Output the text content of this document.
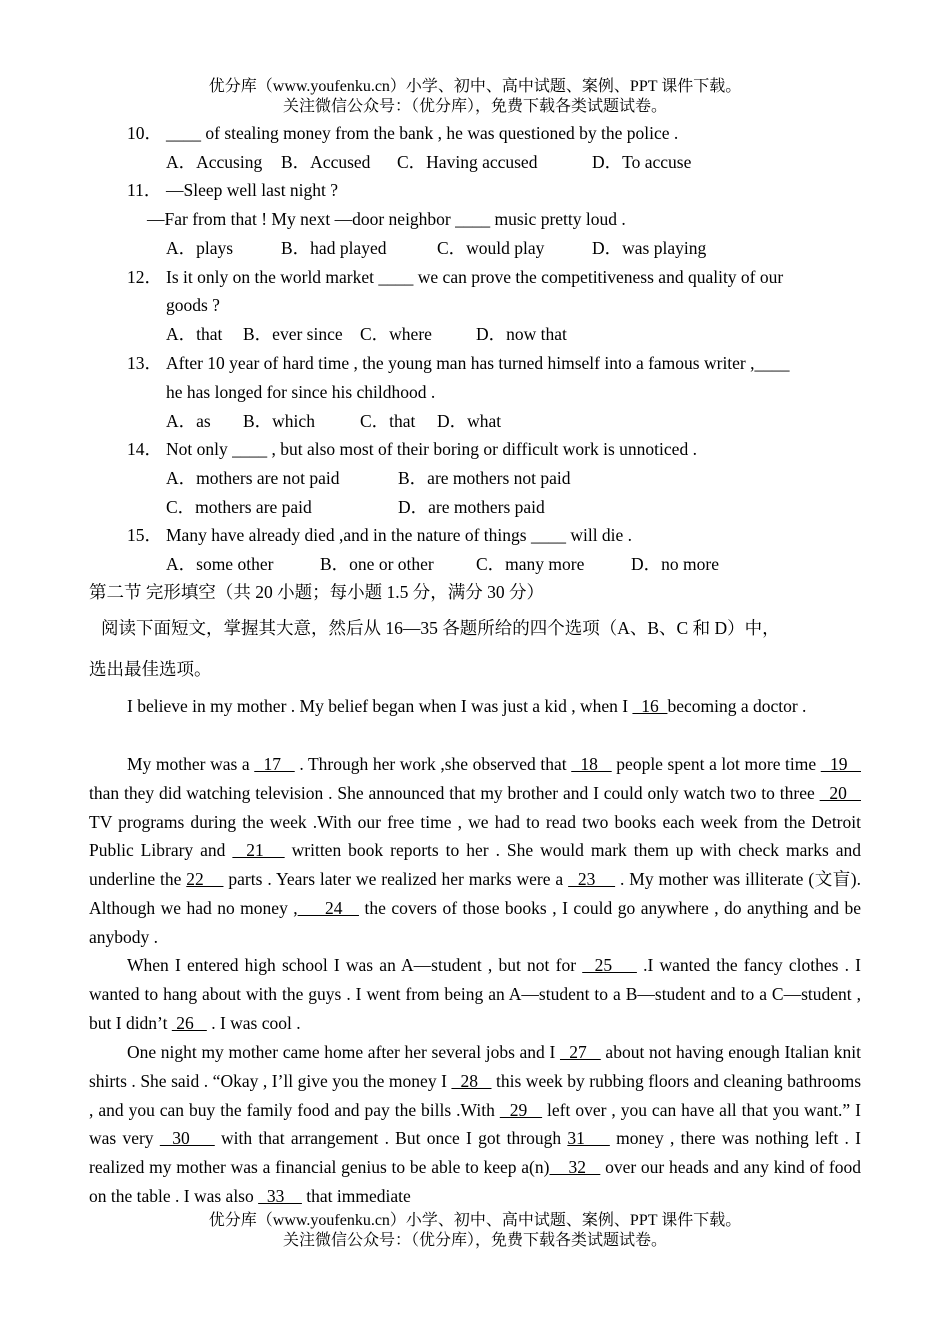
优分库（www.youfenku.cn）小学、初中、高中试题、案例、PPT 课件下载。
关注微信公众号：（优分库），免费下载各类试题试卷。
10． ____ of stealing money from the bank , he was questioned by the police .
A．Accusing B．Accused C．Having accused	D．To accuse
11． —Sleep well last night ?
—Far from that ! My next —door neighbor ____ music pretty loud .
A．plays	B．had played	C．would play	D．was playing
12． Is it only on the world market ____ we can prove the competitiveness and quality of our
goods ?
A．that B．ever since C．where	D．now that
13． After 10 year of hard time , the young man has turned himself into a famous writer ,____
he has longed for since his childhood .
A．as B．which	C．that D．what
14． Not only ____ , but also most of their boring or difficult work is unnoticed .
A．mothers are not paid	B．are mothers not paid
C．mothers are paid	D．are mothers paid
15． Many have already died ,and in the nature of things ____ will die .
A．some other	B．one or other C．many more	D．no more
第二节 完形填空（共 20 小题；每小题 1.5 分，满分 30 分）
阅读下面短文，掌握其大意，然后从 16—35 各题所给的四个选项（A、B、C 和 D）中，
选出最佳选项。
I believe in my mother . My belief began when I was just a kid , when I   16  becoming a doctor .
My mother was a   17    . Through her work ,she observed that   18    people spent a lot more time   19    than they did watching television . She announced that my brother and I could only watch two to three   20    TV programs during the week .With our free time , we had to read two books each week from the Detroit Public Library and   21    written book reports to her . She would mark them up with check marks and underline the 22     parts . Years later we realized her marks were a   23     . My mother was illiterate (文盲). Although we had no money ,     24    the covers of those books , I could go anywhere , do anything and be anybody .
When I entered high school I was an A—student , but not for   25     .I wanted the fancy clothes . I wanted to hang about with the guys . I went from being an A—student to a B—student and to a C—student , but I didn’t  26    . I was cool .
One night my mother came home after her several jobs and I   27    about not having enough Italian knit shirts . She said . “Okay , I’ll give you the money I   28    this week by rubbing floors and cleaning bathrooms , and you can buy the family food and pay the bills .With   29    left over , you can have all that you want.” I was very   30     with that arrangement . But once I got through 31     money , there was nothing left . I realized my mother was a financial genius to be able to keep a(n)    32    over our heads and any kind of food on the table . I was also   33     that immediate
优分库（www.youfenku.cn）小学、初中、高中试题、案例、PPT 课件下载。
关注微信公众号：（优分库），免费下载各类试题试卷。
